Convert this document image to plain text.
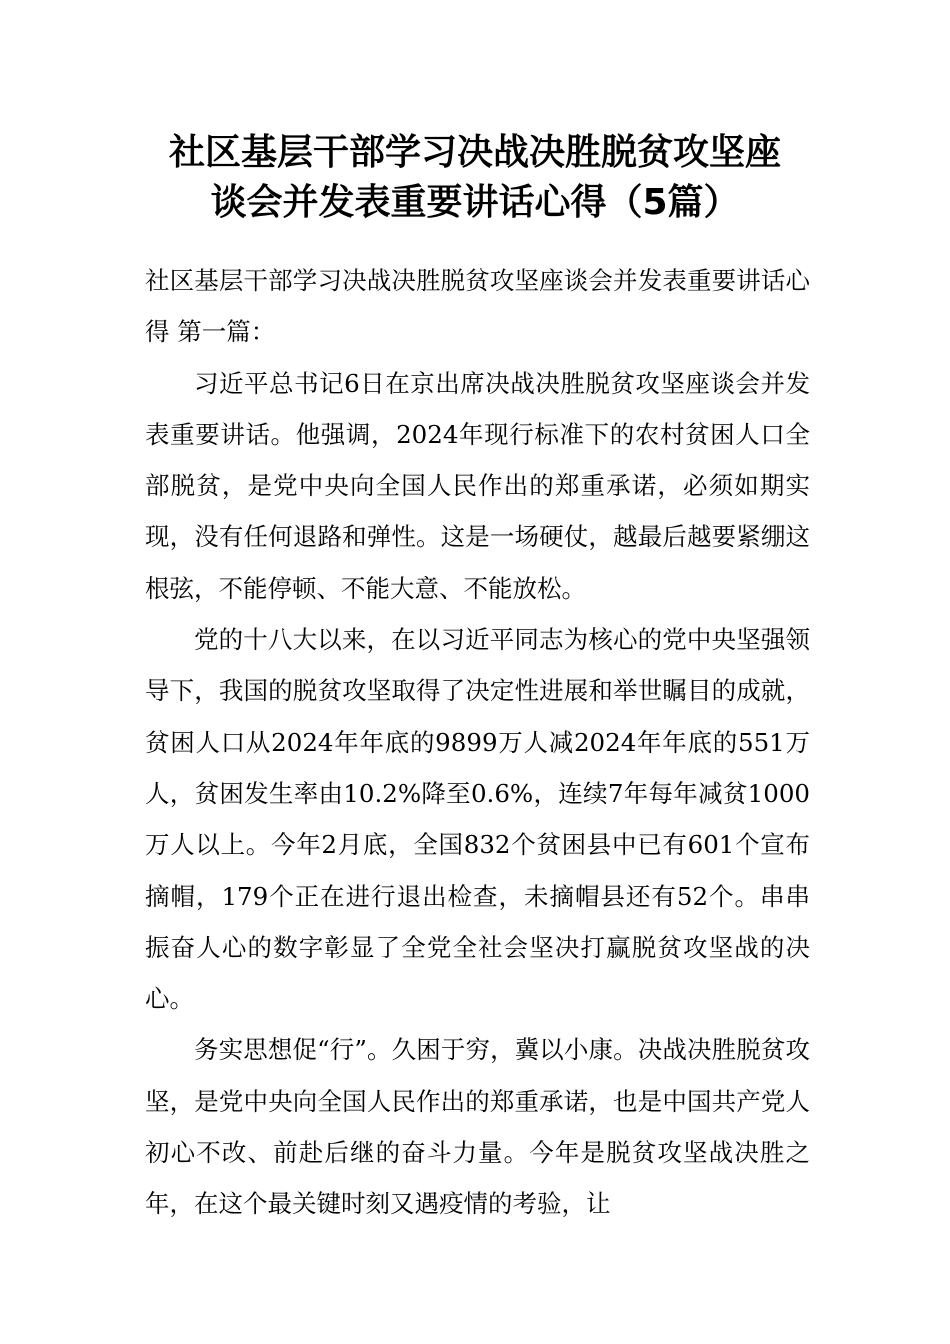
社区基层干部学习决战决胜脱贫攻坚座
谈会并发表重要讲话心得（5篇）

社区基层干部学习决战决胜脱贫攻坚座谈会并发表重要讲话心得 第一篇：

习近平总书记6日在京出席决战决胜脱贫攻坚座谈会并发表重要讲话。他强调，2024年现行标准下的农村贫困人口全部脱贫，是党中央向全国人民作出的郑重承诺，必须如期实现，没有任何退路和弹性。这是一场硬仗，越最后越要紧绷这根弦，不能停顿、不能大意、不能放松。

党的十八大以来，在以习近平同志为核心的党中央坚强领导下，我国的脱贫攻坚取得了决定性进展和举世瞩目的成就，贫困人口从2024年年底的9899万人减2024年年底的551万人，贫困发生率由10.2%降至0.6%，连续7年每年减贫1000万人以上。今年2月底，全国832个贫困县中已有601个宣布摘帽，179个正在进行退出检查，未摘帽县还有52个。串串振奋人心的数字彰显了全党全社会坚决打赢脱贫攻坚战的决心。

务实思想促“行”。久困于穷，冀以小康。决战决胜脱贫攻坚，是党中央向全国人民作出的郑重承诺，也是中国共产党人初心不改、前赴后继的奋斗力量。今年是脱贫攻坚战决胜之年，在这个最关键时刻又遇疫情的考验，让
